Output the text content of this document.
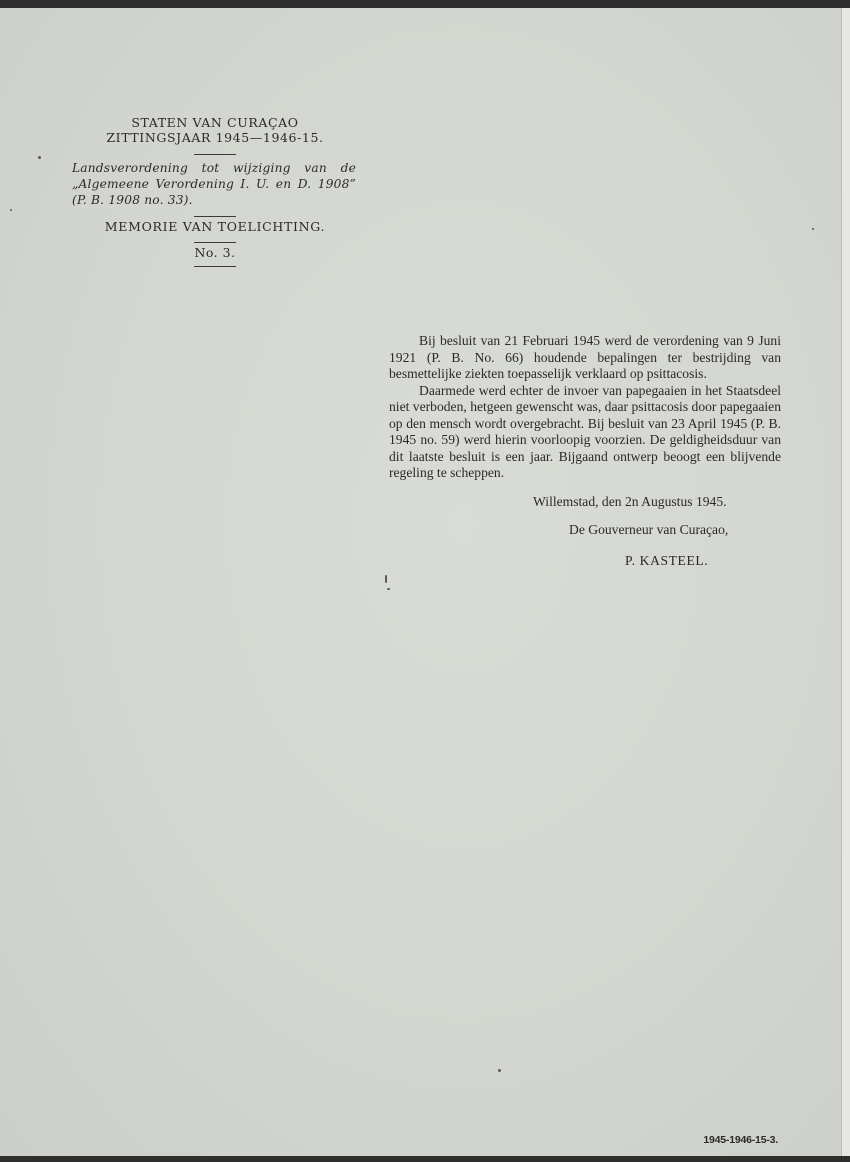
STATEN VAN CURAÇAO
ZITTINGSJAAR 1945—1946-15.
Landsverordening tot wijziging van de „Algemeene Verordening I. U. en D. 1908” (P. B. 1908 no. 33).
MEMORIE VAN TOELICHTING.
No. 3.

Bij besluit van 21 Februari 1945 werd de verordening van 9 Juni 1921 (P. B. No. 66) houdende bepalingen ter bestrijding van besmettelijke ziekten toepasselijk verklaard op psittacosis.

Daarmede werd echter de invoer van papegaaien in het Staatsdeel niet verboden, hetgeen gewenscht was, daar psittacosis door papegaaien op den mensch wordt overgebracht. Bij besluit van 23 April 1945 (P. B. 1945 no. 59) werd hierin voorloopig voorzien. De geldigheidsduur van dit laatste besluit is een jaar. Bijgaand ontwerp beoogt een blijvende regeling te scheppen.

Willemstad, den 2n Augustus 1945.
De Gouverneur van Curaçao,
P. KASTEEL.
1945-1946-15-3.
